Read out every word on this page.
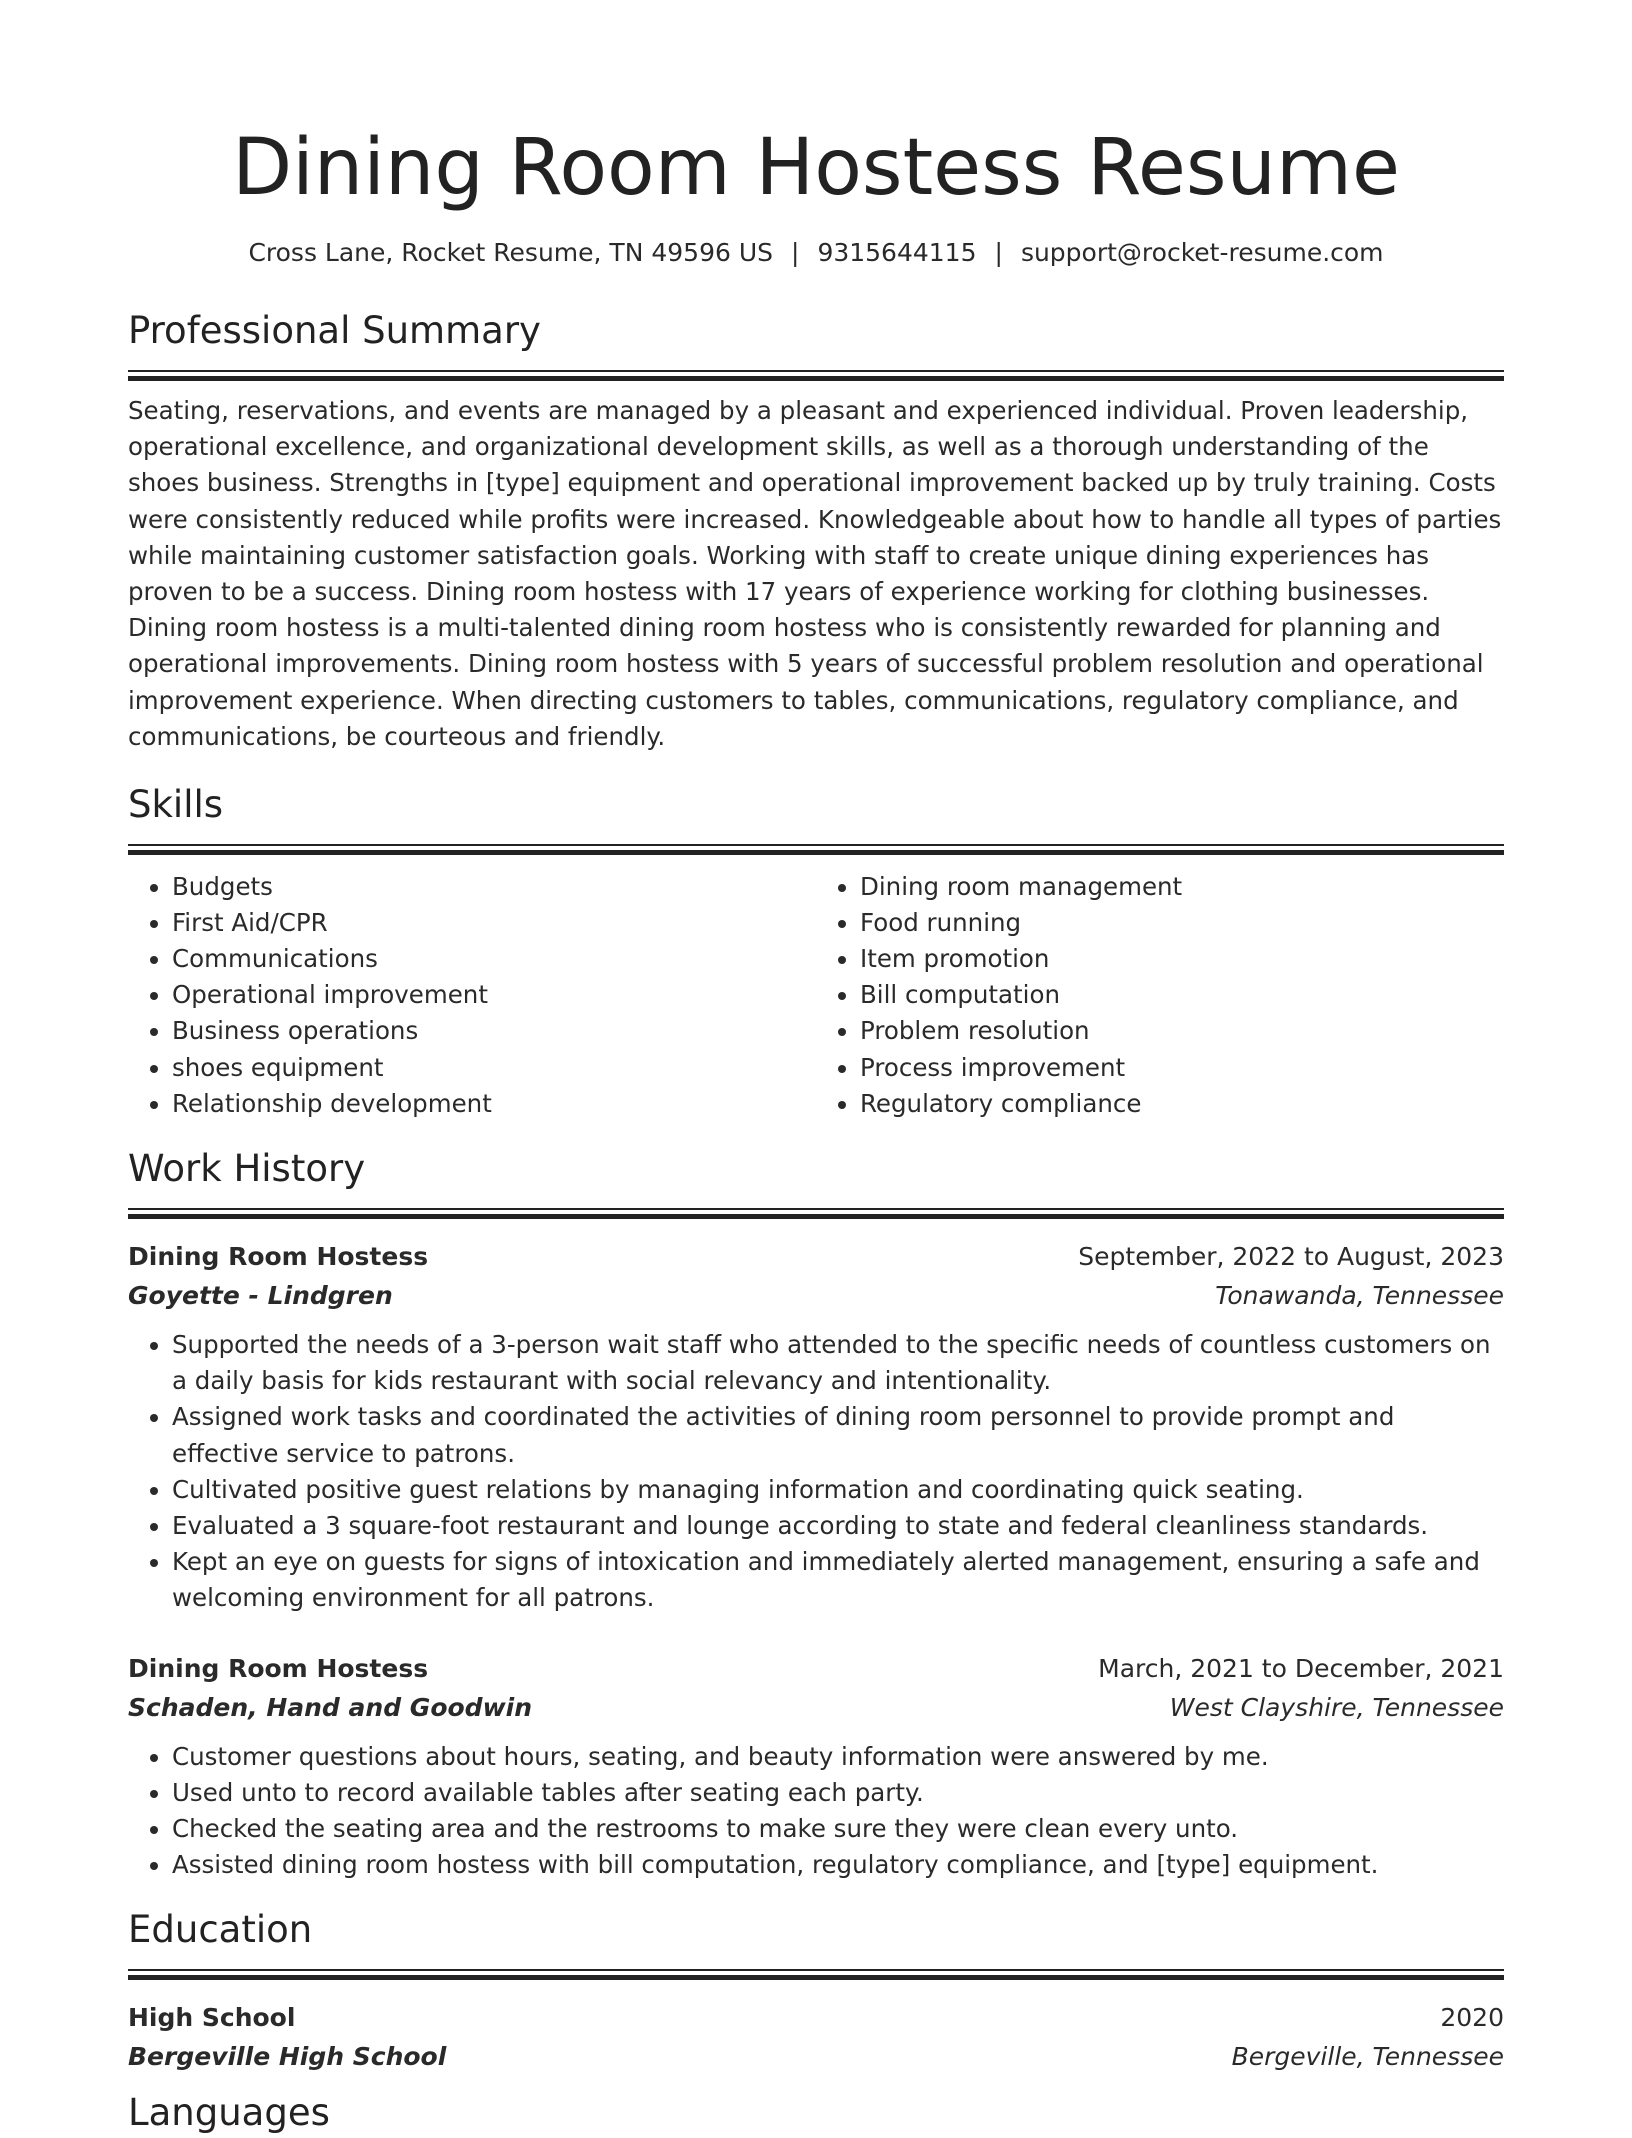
Dining Room Hostess Resume
Cross Lane, Rocket Resume, TN 49596 US | 9315644115 | support@rocket-resume.com
Professional Summary

Seating, reservations, and events are managed by a pleasant and experienced individual. Proven leadership, operational excellence, and organizational development skills, as well as a thorough understanding of the shoes business. Strengths in [type] equipment and operational improvement backed up by truly training. Costs were consistently reduced while profits were increased. Knowledgeable about how to handle all types of parties while maintaining customer satisfaction goals. Working with staff to create unique dining experiences has proven to be a success. Dining room hostess with 17 years of experience working for clothing businesses. Dining room hostess is a multi-talented dining room hostess who is consistently rewarded for planning and operational improvements. Dining room hostess with 5 years of successful problem resolution and operational improvement experience. When directing customers to tables, communications, regulatory compliance, and communications, be courteous and friendly.

Skills
• Budgets
• First Aid/CPR
• Communications
• Operational improvement
• Business operations
• shoes equipment
• Relationship development
• Dining room management
• Food running
• Item promotion
• Bill computation
• Problem resolution
• Process improvement
• Regulatory compliance
Work History
Dining Room Hostess	September, 2022 to August, 2023
Goyette - Lindgren	Tonawanda, Tennessee
• Supported the needs of a 3-person wait staff who attended to the specific needs of countless customers on a daily basis for kids restaurant with social relevancy and intentionality.
• Assigned work tasks and coordinated the activities of dining room personnel to provide prompt and effective service to patrons.
• Cultivated positive guest relations by managing information and coordinating quick seating.
• Evaluated a 3 square-foot restaurant and lounge according to state and federal cleanliness standards.
• Kept an eye on guests for signs of intoxication and immediately alerted management, ensuring a safe and welcoming environment for all patrons.
Dining Room Hostess	March, 2021 to December, 2021
Schaden, Hand and Goodwin	West Clayshire, Tennessee
• Customer questions about hours, seating, and beauty information were answered by me.
• Used unto to record available tables after seating each party.
• Checked the seating area and the restrooms to make sure they were clean every unto.
• Assisted dining room hostess with bill computation, regulatory compliance, and [type] equipment.
Education
High School	2020
Bergeville High School	Bergeville, Tennessee
Languages
